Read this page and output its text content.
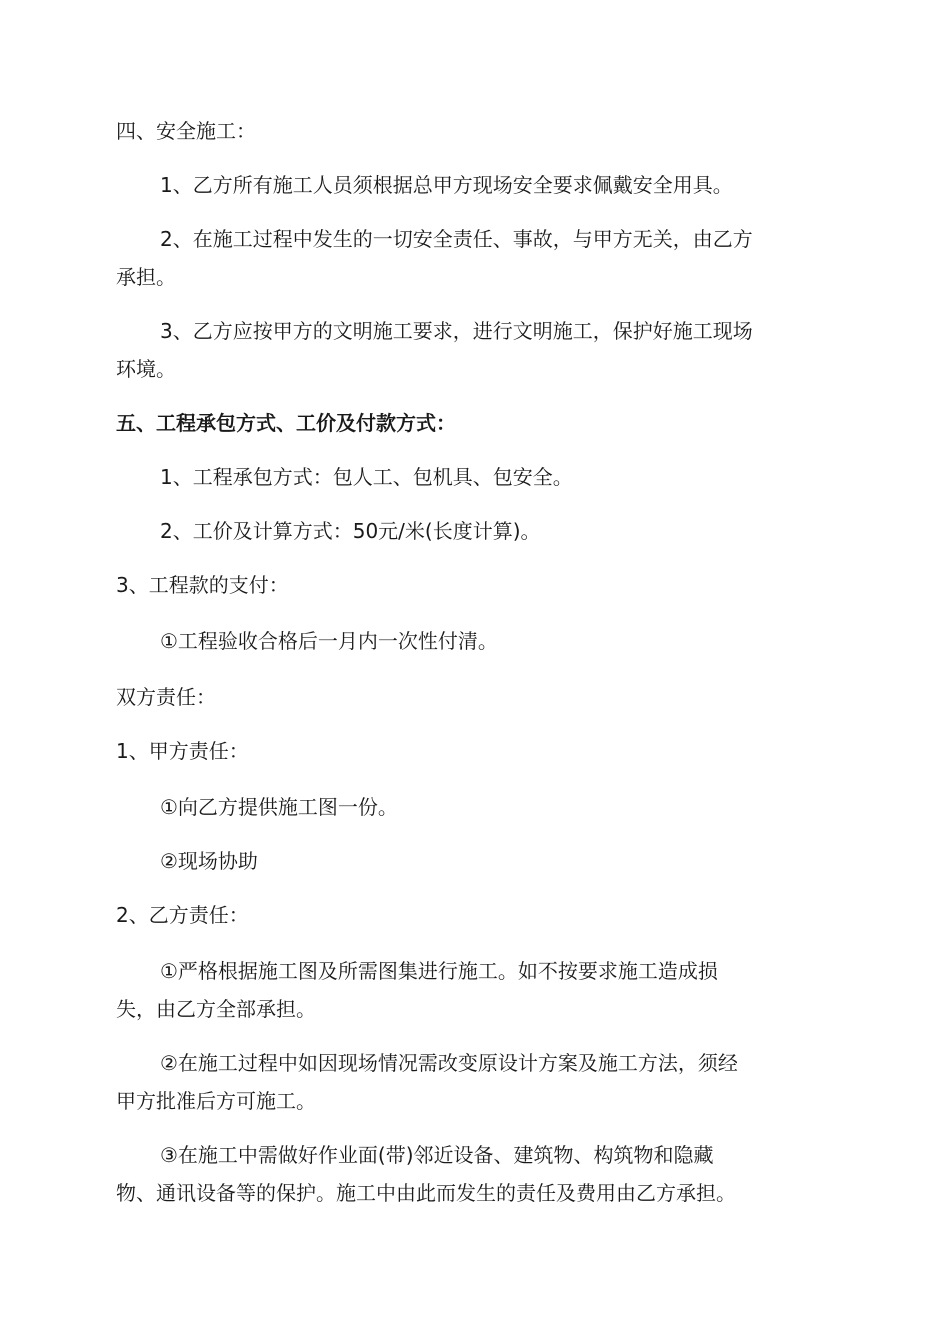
四、安全施工：
1、乙方所有施工人员须根据总甲方现场安全要求佩戴安全用具。
2、在施工过程中发生的一切安全责任、事故，与甲方无关，由乙方
承担。
3、乙方应按甲方的文明施工要求，进行文明施工，保护好施工现场
环境。
五、工程承包方式、工价及付款方式：
1、工程承包方式：包人工、包机具、包安全。
2、工价及计算方式：50元/米(长度计算)。
3、工程款的支付：
①工程验收合格后一月内一次性付清。
双方责任：
1、甲方责任：
①向乙方提供施工图一份。
②现场协助
2、乙方责任：
①严格根据施工图及所需图集进行施工。如不按要求施工造成损
失，由乙方全部承担。
②在施工过程中如因现场情况需改变原设计方案及施工方法，须经
甲方批准后方可施工。
③在施工中需做好作业面(带)邻近设备、建筑物、构筑物和隐藏
物、通讯设备等的保护。施工中由此而发生的责任及费用由乙方承担。
